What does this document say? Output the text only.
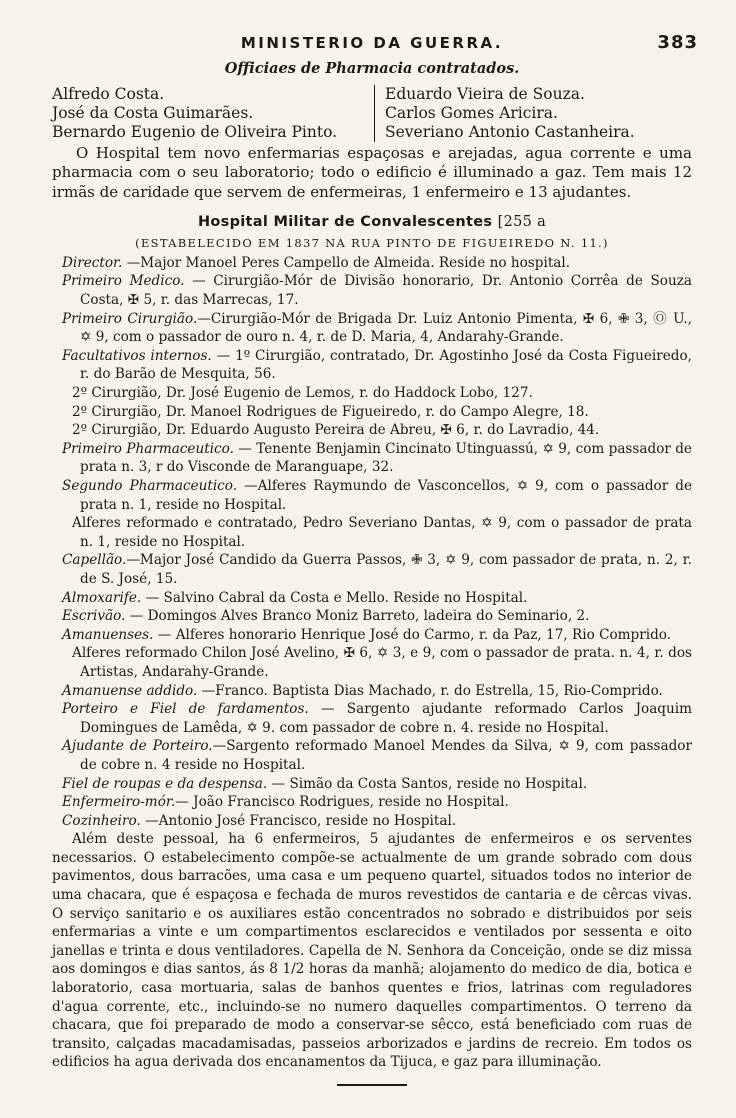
MINISTERIO DA GUERRA.	383
Officiaes de Pharmacia contratados.
Alfredo Costa.
José da Costa Guimarães.
Bernardo Eugenio de Oliveira Pinto.
Eduardo Vieira de Souza.
Carlos Gomes Aricira.
Severiano Antonio Castanheira.

O Hospital tem novo enfermarias espaçosas e arejadas, agua corrente e uma pharmacia com o seu laboratorio; todo o edificio é illuminado a gaz. Tem mais 12 irmãs de caridade que servem de enfermeiras, 1 enfermeiro e 13 ajudantes.

Hospital Militar de Convalescentes [255 a
(ESTABELECIDO EM 1837 NA RUA PINTO DE FIGUEIREDO N. 11.)

Director. —Major Manoel Peres Campello de Almeida. Reside no hospital.

Primeiro Medico. — Cirurgião-Mór de Divisão honorario, Dr. Antonio Corrêa de Souza Costa, ✠ 5, r. das Marrecas, 17.

Primeiro Cirurgião.—Cirurgião-Mór de Brigada Dr. Luiz Antonio Pimenta, ✠ 6, ✙ 3, Ⓞ U., ✡ 9, com o passador de ouro n. 4, r. de D. Maria, 4, Andarahy-Grande.

Facultativos internos. — 1º Cirurgião, contratado, Dr. Agostinho José da Costa Figueiredo, r. do Barão de Mesquita, 56.

2º Cirurgião, Dr. José Eugenio de Lemos, r. do Haddock Lobo, 127.

2º Cirurgião, Dr. Manoel Rodrigues de Figueiredo, r. do Campo Alegre, 18.

2º Cirurgião, Dr. Eduardo Augusto Pereira de Abreu, ✠ 6, r. do Lavradio, 44.

Primeiro Pharmaceutico. — Tenente Benjamin Cincinato Utinguassú, ✡ 9, com passador de prata n. 3, r do Visconde de Maranguape, 32.

Segundo Pharmaceutico. —Alferes Raymundo de Vasconcellos, ✡ 9, com o passador de prata n. 1, reside no Hospital.

Alferes reformado e contratado, Pedro Severiano Dantas, ✡ 9, com o passador de prata n. 1, reside no Hospital.

Capellão.—Major José Candido da Guerra Passos, ✙ 3, ✡ 9, com passador de prata, n. 2, r. de S. José, 15.

Almoxarife. — Salvino Cabral da Costa e Mello. Reside no Hospital.

Escrivão. — Domingos Alves Branco Moniz Barreto, ladeira do Seminario, 2.

Amanuenses. — Alferes honorario Henrique José do Carmo, r. da Paz, 17, Rio Comprido.

Alferes reformado Chilon José Avelino, ✠ 6, ✡ 3, e 9, com o passador de prata. n. 4, r. dos Artistas, Andarahy-Grande.

Amanuense addido. —Franco. Baptista Dias Machado, r. do Estrella, 15, Rio-Comprido.

Porteiro e Fiel de fardamentos. — Sargento ajudante reformado Carlos Joaquim Domingues de Lamêda, ✡ 9. com passador de cobre n. 4. reside no Hospital.

Ajudante de Porteiro.—Sargento reformado Manoel Mendes da Silva, ✡ 9, com passador de cobre n. 4 reside no Hospital.

Fiel de roupas e da despensa. — Simão da Costa Santos, reside no Hospital.

Enfermeiro-mór.— João Francisco Rodrigues, reside no Hospital.

Cozinheiro. —Antonio José Francisco, reside no Hospital.

Além deste pessoal, ha 6 enfermeiros, 5 ajudantes de enfermeiros e os serventes necessarios. O estabelecimento compõe-se actualmente de um grande sobrado com dous pavimentos, dous barracões, uma casa e um pequeno quartel, situados todos no interior de uma chacara, que é espaçosa e fechada de muros revestidos de cantaria e de cêrcas vivas. O serviço sanitario e os auxiliares estão concentrados no sobrado e distribuidos por seis enfermarias a vinte e um compartimentos esclarecidos e ventilados por sessenta e oito janellas e trinta e dous ventiladores. Capella de N. Senhora da Conceição, onde se diz missa aos domingos e dias santos, ás 8 1/2 horas da manhã; alojamento do medico de dia, botica e laboratorio, casa mortuaria, salas de banhos quentes e frios, latrinas com reguladores d'agua corrente, etc., incluindo-se no numero daquelles compartimentos. O terreno da chacara, que foi preparado de modo a conservar-se sêcco, está beneficiado com ruas de transito, calçadas macadamisadas, passeios arborizados e jardins de recreio. Em todos os edificios ha agua derivada dos encanamentos da Tijuca, e gaz para illuminação.
